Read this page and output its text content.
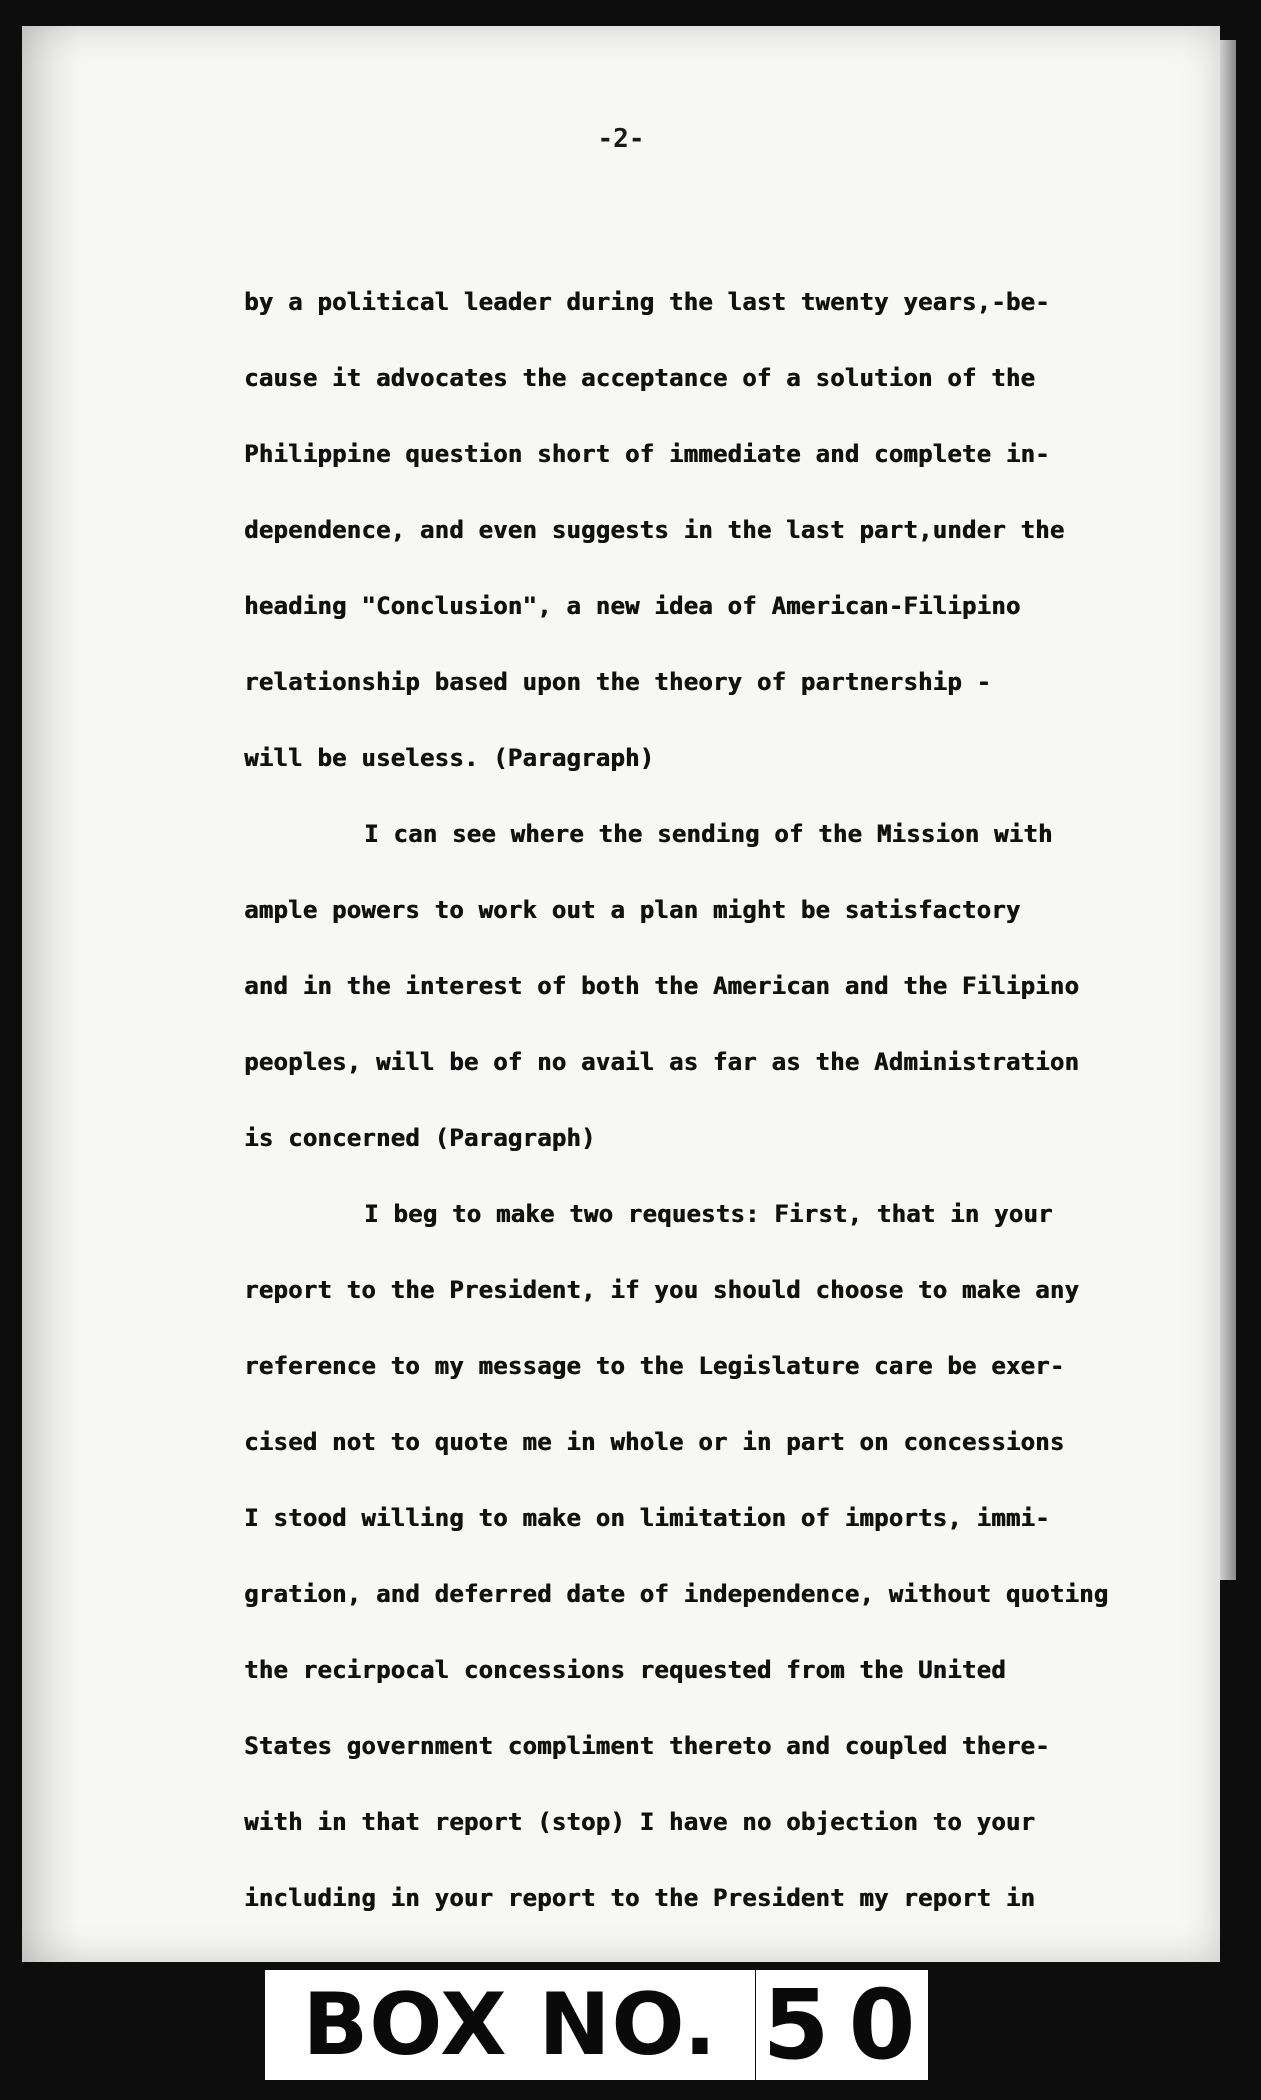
-2-
by a political leader during the last twenty years,-be-
cause it advocates the acceptance of a solution of the
Philippine question short of immediate and complete in-
dependence, and even suggests in the last part,under the
heading "Conclusion", a new idea of American-Filipino
relationship based upon the theory of partnership -
will be useless. (Paragraph)
I can see where the sending of the Mission with
ample powers to work out a plan might be satisfactory
and in the interest of both the American and the Filipino
peoples, will be of no avail as far as the Administration
is concerned (Paragraph)
I beg to make two requests: First, that in your
report to the President, if you should choose to make any
reference to my message to the Legislature care be exer-
cised not to quote me in whole or in part on concessions
I stood willing to make on limitation of imports, immi-
gration, and deferred date of independence, without quoting
the recirpocal concessions requested from the United
States government compliment thereto and coupled there-
with in that report (stop) I have no objection to your
including in your report to the President my report in
BOX NO. 5 0
